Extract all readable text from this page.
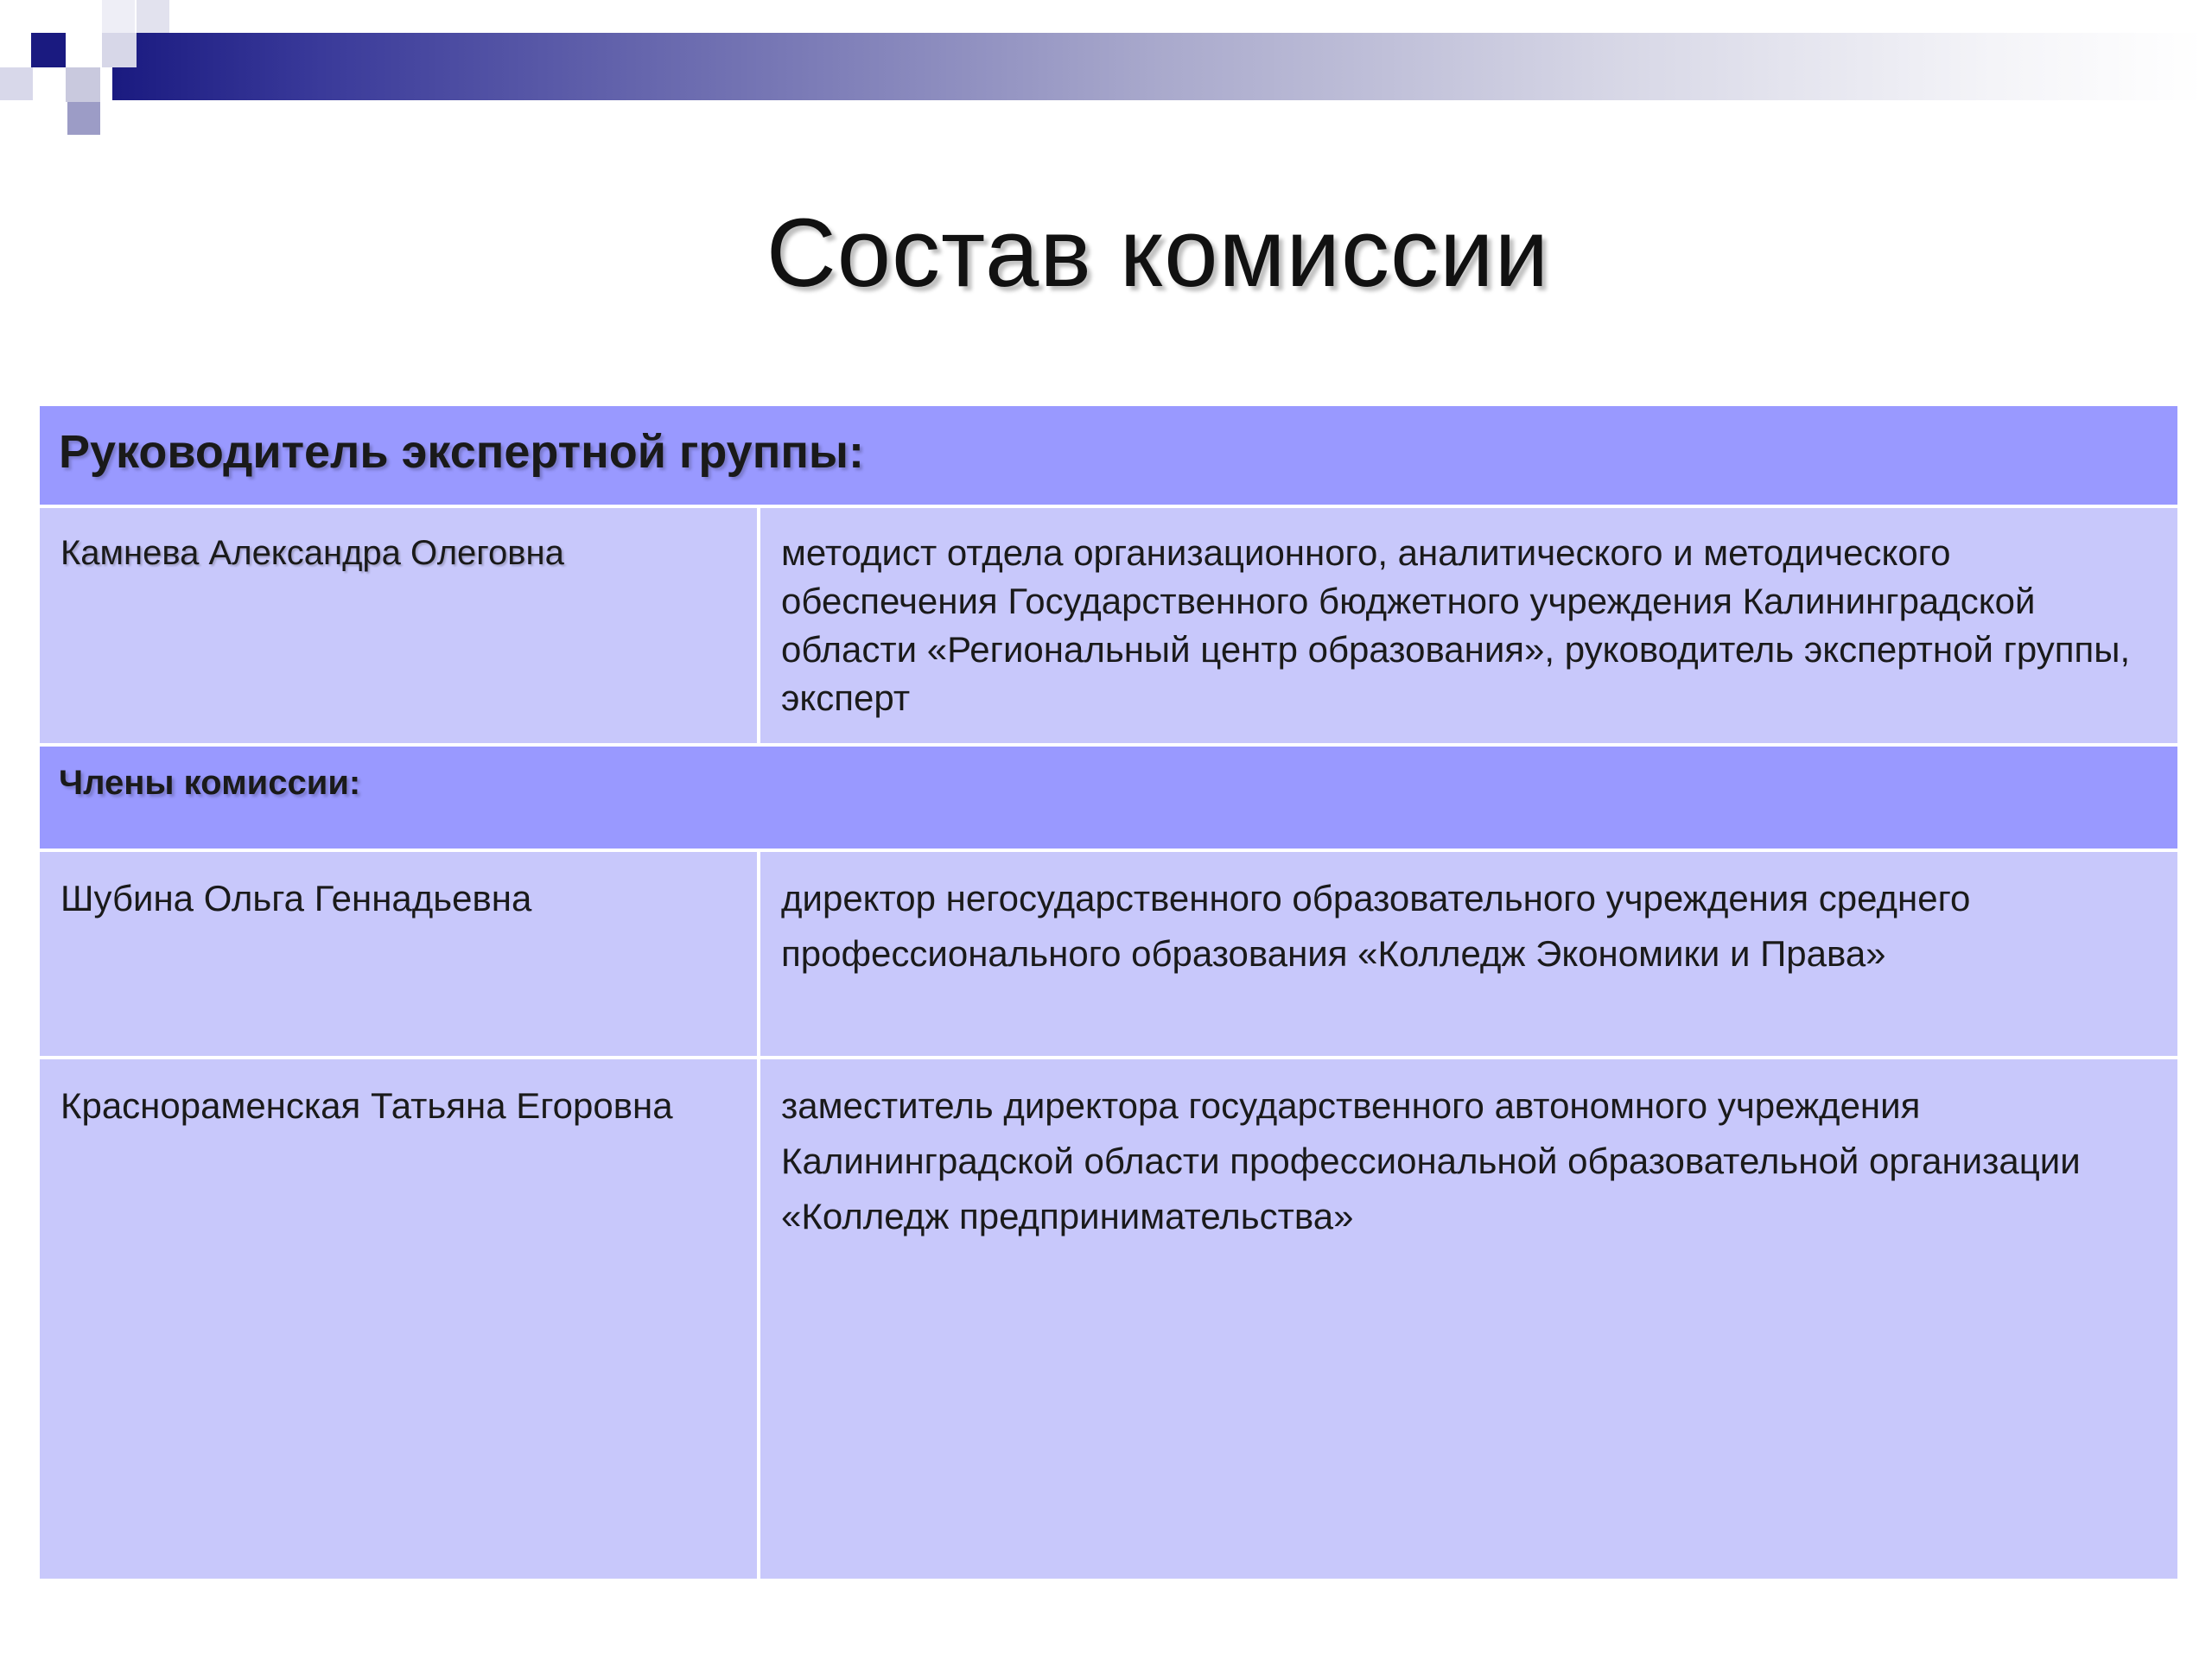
Состав комиссии
Руководитель экспертной группы:	
Камнева Александра Олеговна	методист отдела организационного, аналитического и методического обеспечения Государственного бюджетного учреждения Калининградской области «Региональный центр образования», руководитель экспертной группы, эксперт
Члены комиссии:	
Шубина Ольга Геннадьевна	директор негосударственного образовательного учреждения среднего профессионального образования «Колледж Экономики и Права»
Краснораменская Татьяна Егоровна	заместитель директора государственного автономного учреждения Калининградской области профессиональной образовательной организации «Колледж предпринимательства»
